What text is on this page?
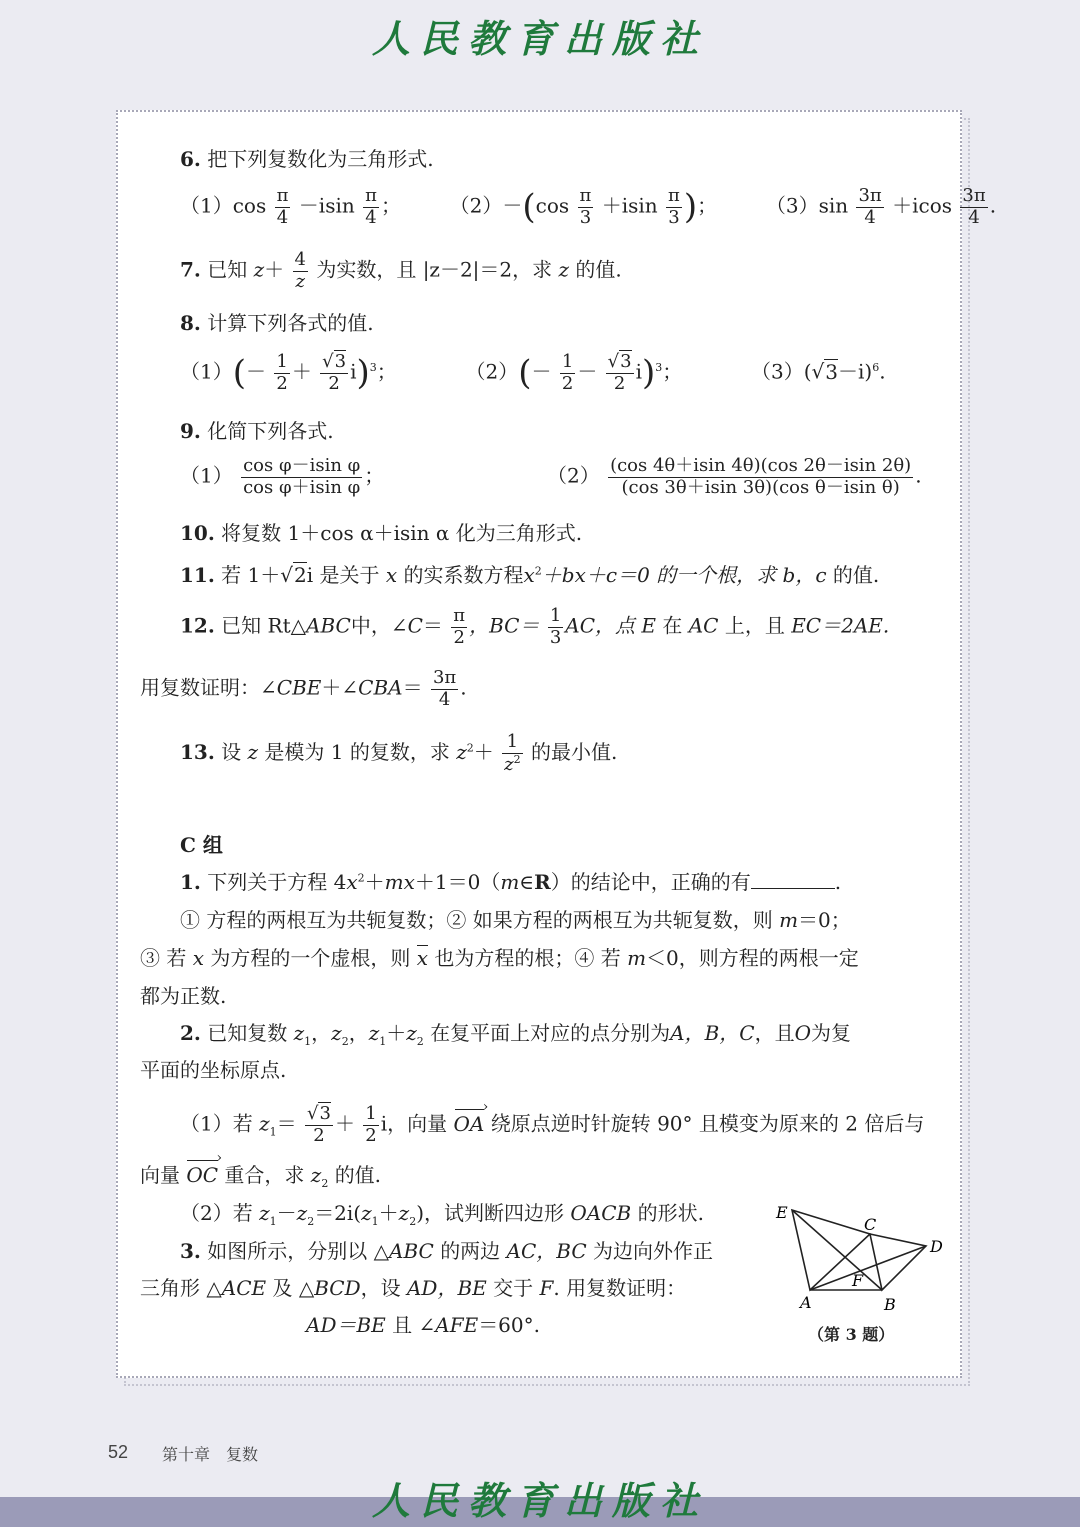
人民教育出版社
6. 把下列复数化为三角形式.
$(1)\cos \frac{\pi}{4} -isin \frac{\pi}{4}$ ； $(2)-(\cos \frac{\pi}{3} +isin \frac{\pi}{3}$ )； $(3)\sin \frac{3\pi}{4} +icos \frac{3\pi}{4}$ .
7. 已知 $z+ \frac{4}{z}$ 为实数，且 |z－2|＝2，求 z 的值.
8. 计算下列各式的值.
$(1)(- \frac{1}{2} + \frac{√3}{2} i)^3$；	$(2)(- \frac{1}{2} - \frac{√3}{2} i)^3$；	$(3)(√3-i)^6$.
9. 化简下列各式.
$(1) \frac{\text{cos φ－isin φ}}{\text{cos φ＋isin φ}}$ ；	$(2) \frac{(\cos 4\theta+isin 4\theta)(\cos 2\theta-isin 2\theta)}{\text{(cos 3θ＋isin 3θ)(cos θ－isin θ)}}$ .
10. 将复数 1＋cos α＋isin α 化为三角形式.
11. 若 1＋√2i 是关于 x 的实系数方程$x^2+bx+c=0$ 的一个根，求 b，c 的值.
12. 已知 Rt△ABC中，∠C＝ $\frac{\pi}{2}$ ，$BC= \frac{1}{3}$ AC，点 E 在 AC 上，且 EC＝2AE.
用复数证明：∠CBE＋∠CBA＝ $\frac{3\pi}{4}$ .
13. 设 z 是模为 1 的复数，求 $z^2+ \frac{1}{z^2}$ 的最小值.
C 组
1. 下列关于方程 $4x^2+mx+1=0(m\in R)$的结论中，正确的有	.
① 方程的两根互为共轭复数；② 如果方程的两根互为共轭复数，则 m＝0；
③ 若 x 为方程的一个虚根，则 x 也为方程的根；④ 若 m＜0，则方程的两根一定
都为正数.
2. 已知复数 $z_1$，$z_2$，$z_1+z_2$ 在复平面上对应的点分别为A，B，C，且O为复
平面的坐标原点.
（1）若 $z_1= \frac{√3}{2} + \frac{1}{2}$ i，向量 OA › 绕原点逆时针旋转 90° 且模变为原来的 2 倍后与
向量 OC › 重合，求 $z_2$ 的值.
（2）若 $z_1-z_2=2i(z_1+z_2)$，试判断四边形 OACB 的形状.
3. 如图所示，分别以 △ABC 的两边 AC，BC 为边向外作正
三角形 △ACE 及 △BCD，设 AD，BE 交于 F. 用复数证明：
AD＝BE 且 ∠AFE＝60°.
E
C
D
F
A	B
（第 3 题）
52 第十章　复数
人民教育出版社
